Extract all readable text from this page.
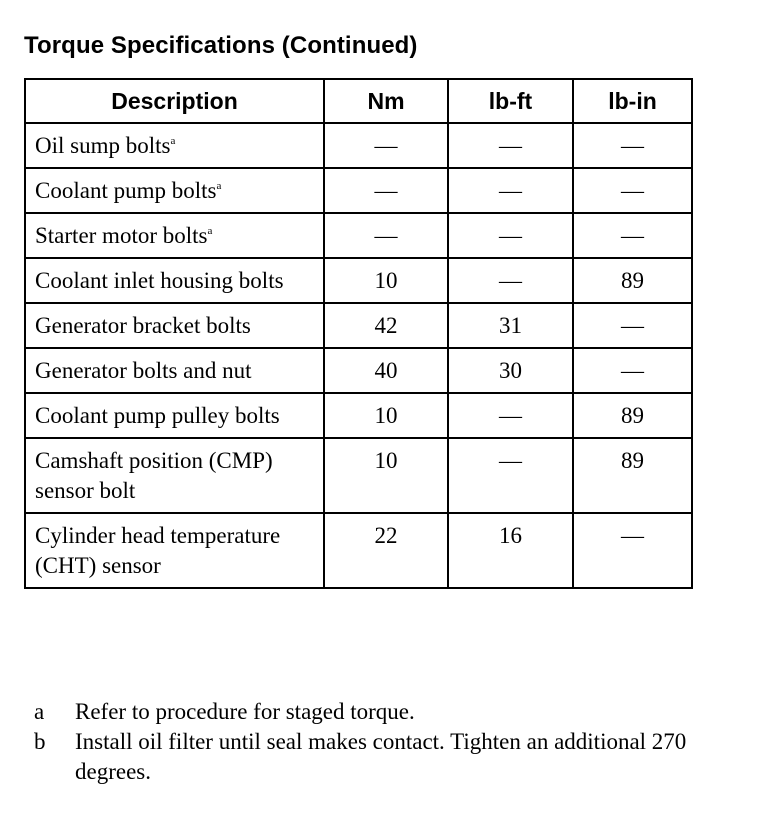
Torque Specifications (Continued)
Description	Nm	lb-ft	lb-in
Oil sump bolts$^a$	—	—	—
Coolant pump bolts$^a$	—	—	—
Starter motor bolts$^a$	—	—	—
Coolant inlet housing bolts	10	—	89
Generator bracket bolts	42	31	—
Generator bolts and nut	40	30	—
Coolant pump pulley bolts	10	—	89
Camshaft position (CMP) sensor bolt	10	—	89
Cylinder head temperature (CHT) sensor	22	16	—
a	Refer to procedure for staged torque.
b	Install oil filter until seal makes contact. Tighten an additional 270 degrees.
